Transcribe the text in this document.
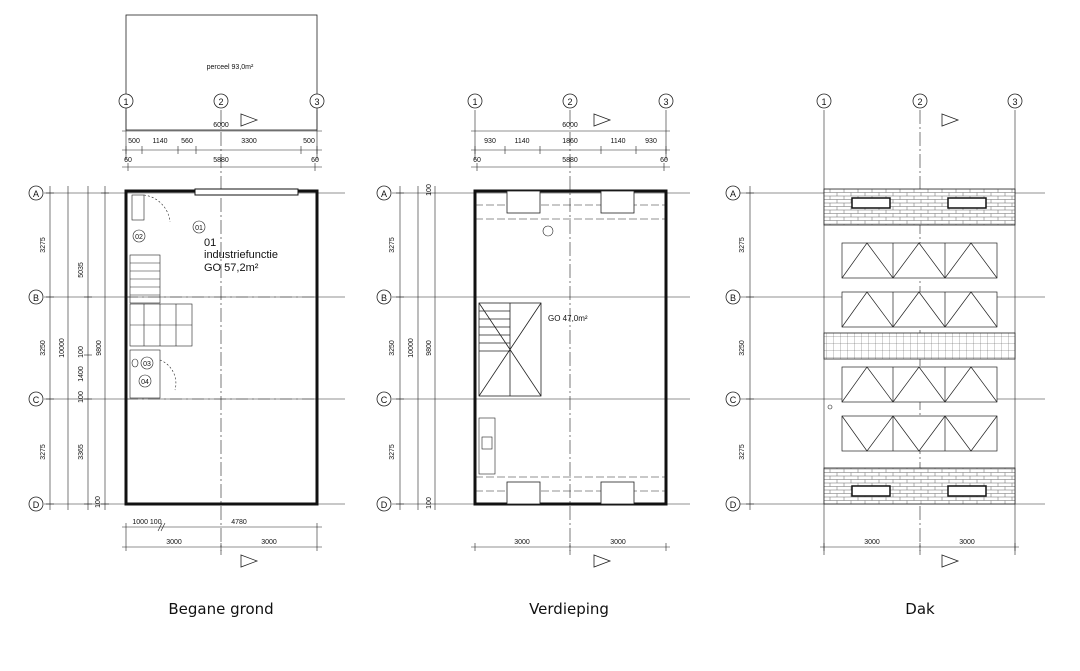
perceel 93,0m²
1	2	3
6000
500 1140 560	3300	500
60	5880	60
A
B
C
D
3275
3250
3275
10000
5035
100
1400
100
3365
100
9800
02
03
04
01
01
industriefunctie
GO 57,2m²
1000 100	4780
3000	3000
1	2	3
6000
930	1140	1860	1140	930
60	5880	60
A
B
C
D
3275
3250
3275
10000 9800
100
100
GO 47,0m²
3000	3000
1	2	3
A
B
C
D
3275
3250
3275
3000	3000
Begane grond	Verdieping	Dak
